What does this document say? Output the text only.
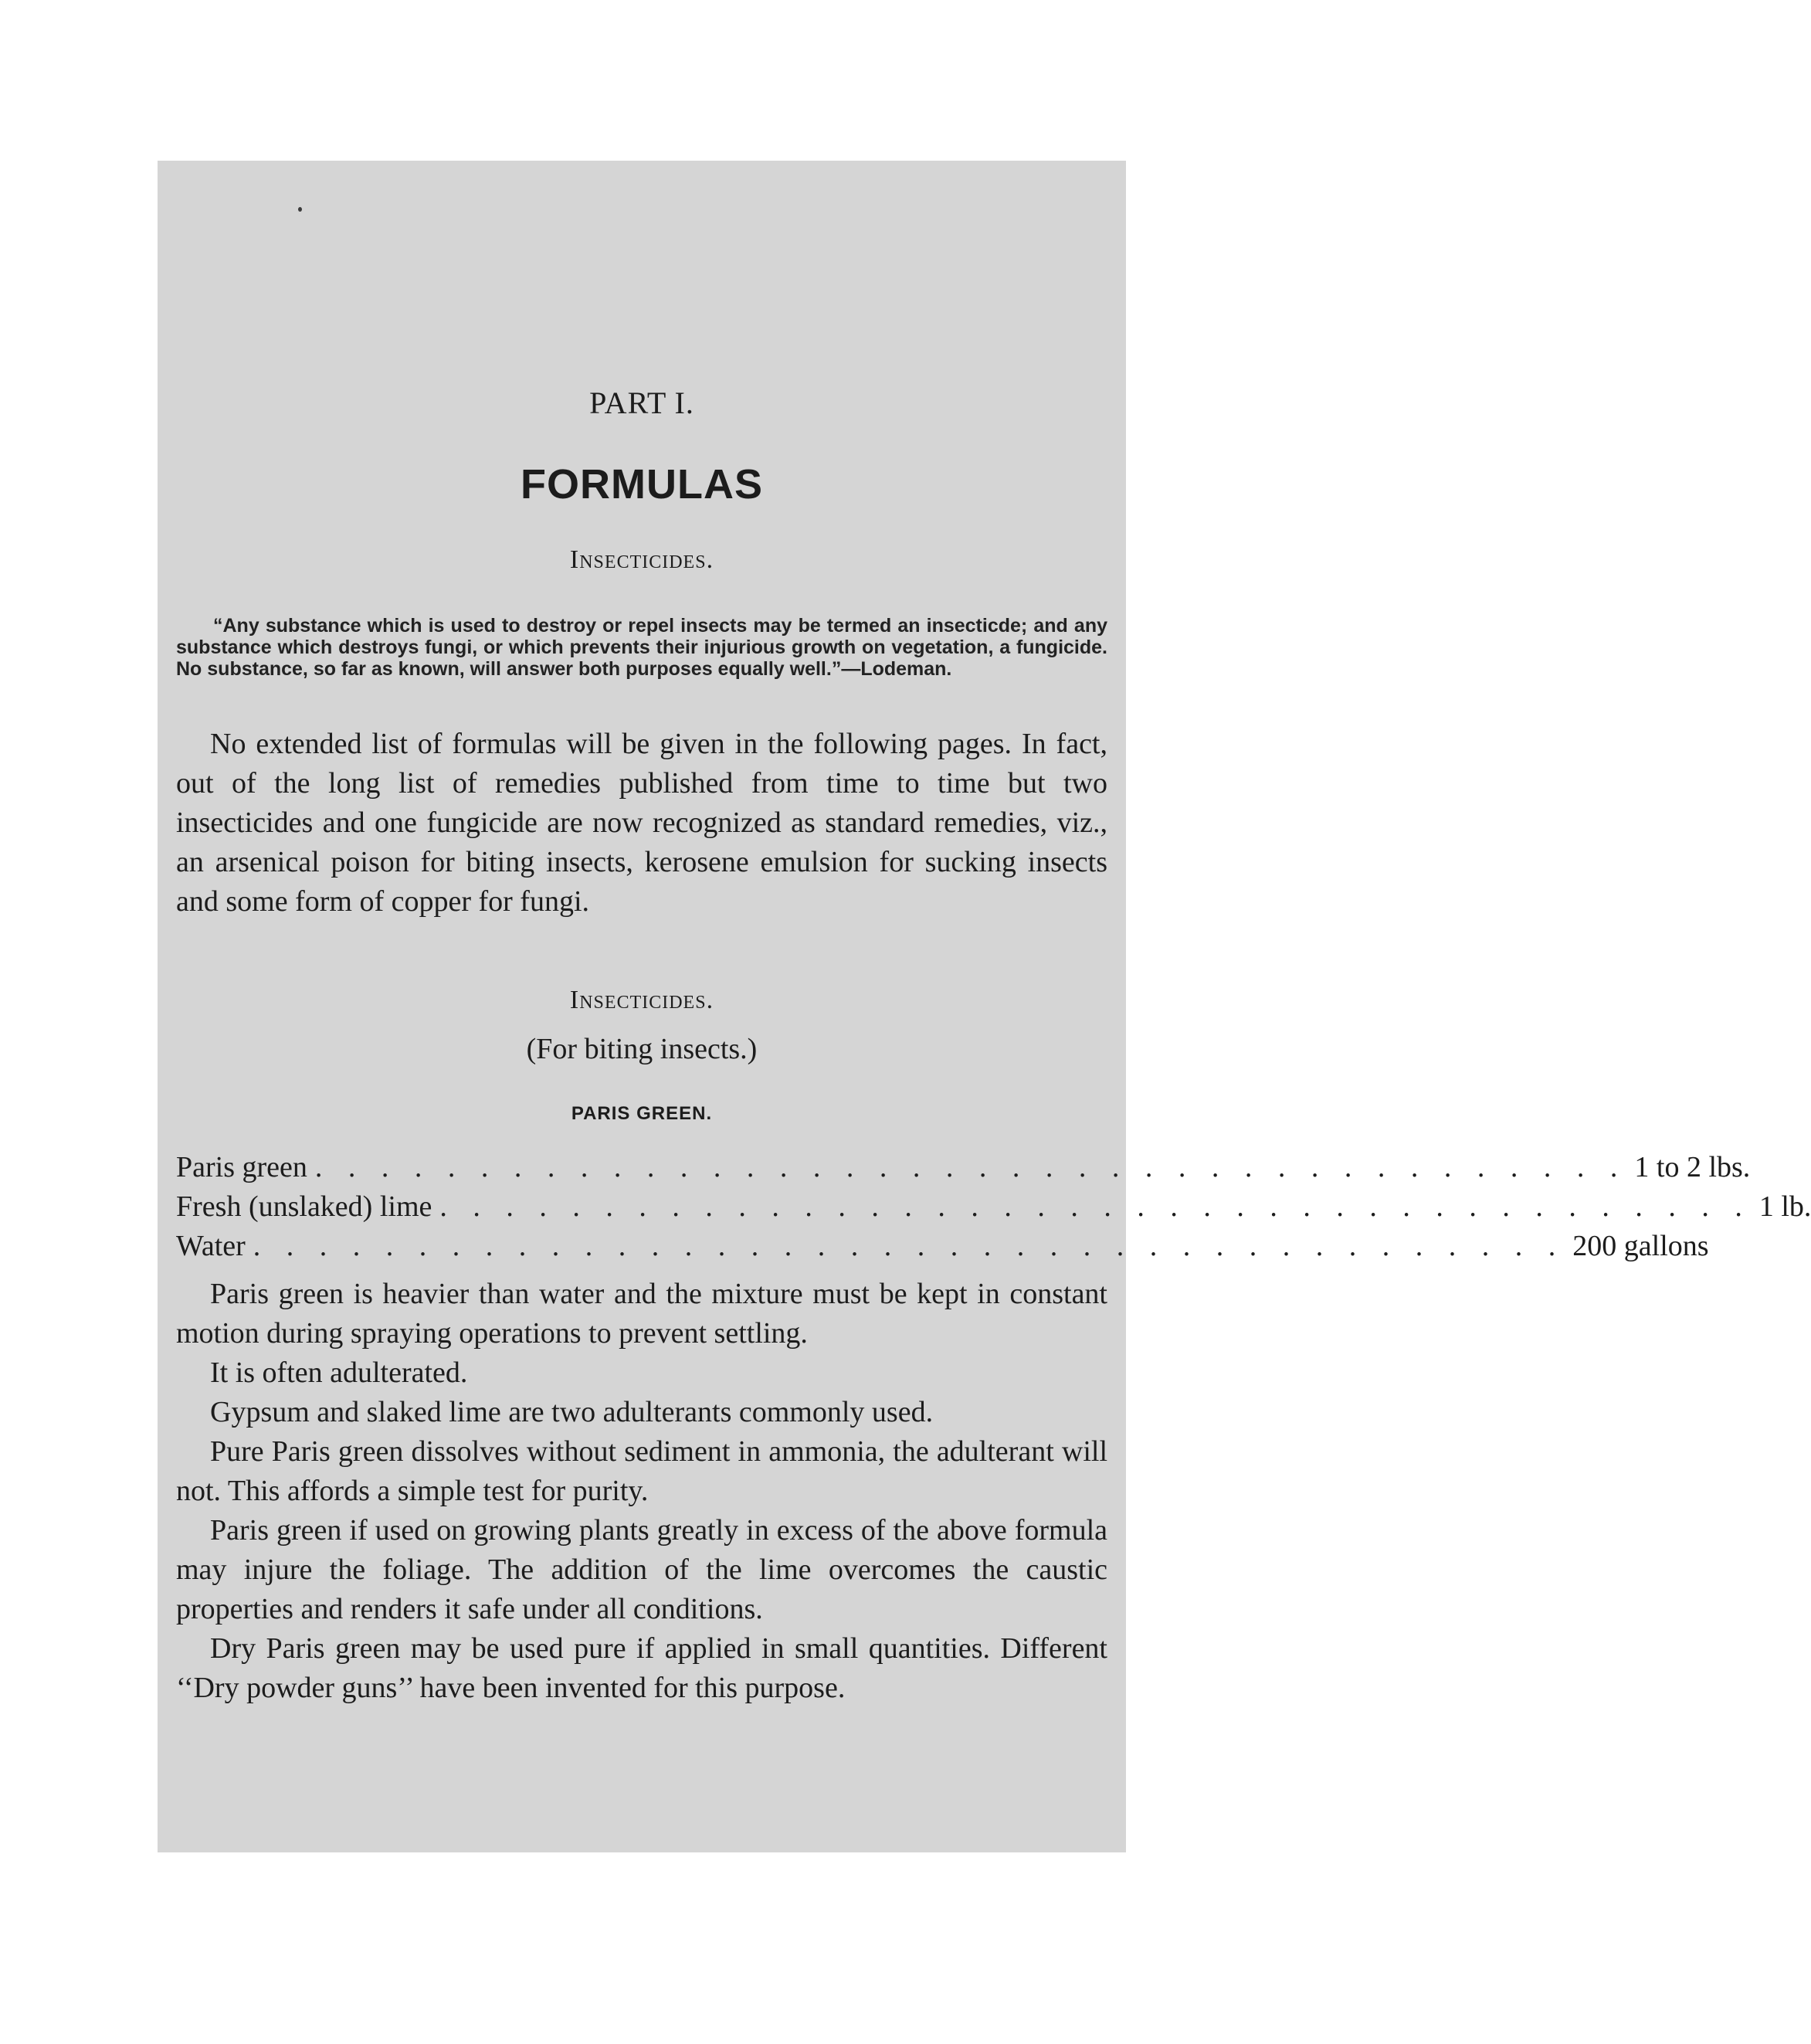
PART I.
FORMULAS
Insecticides.
“Any substance which is used to destroy or repel insects may be termed an insecticde; and any substance which destroys fungi, or which prevents their injurious growth on vegetation, a fungicide. No substance, so far as known, will answer both purposes equally well.”—Lodeman.

No extended list of formulas will be given in the following pages. In fact, out of the long list of remedies published from time to time but two insecticides and one fungicide are now recognized as standard remedies, viz., an arsenical poison for biting insects, kerosene emulsion for sucking insects and some form of copper for fungi.

Insecticides.
(For biting insects.)
PARIS GREEN.
Paris green . . . . . . . . . . . . . . . . . . . . . . . . . . . . . . . . . . . . . . . . 1 to 2 lbs.
Fresh (unslaked) lime . . . . . . . . . . . . . . . . . . . . . . . . . . . . . . . . . . . . . . . . 1 lb.
Water . . . . . . . . . . . . . . . . . . . . . . . . . . . . . . . . . . . . . . . . 200 gallons

Paris green is heavier than water and the mixture must be kept in constant motion during spraying operations to prevent settling.

It is often adulterated.

Gypsum and slaked lime are two adulterants commonly used.

Pure Paris green dissolves without sediment in ammonia, the adulterant will not. This affords a simple test for purity.

Paris green if used on growing plants greatly in excess of the above formula may injure the foliage. The addition of the lime overcomes the caustic properties and renders it safe under all conditions.

Dry Paris green may be used pure if applied in small quantities. Different ‘‘Dry powder guns’’ have been invented for this purpose.
